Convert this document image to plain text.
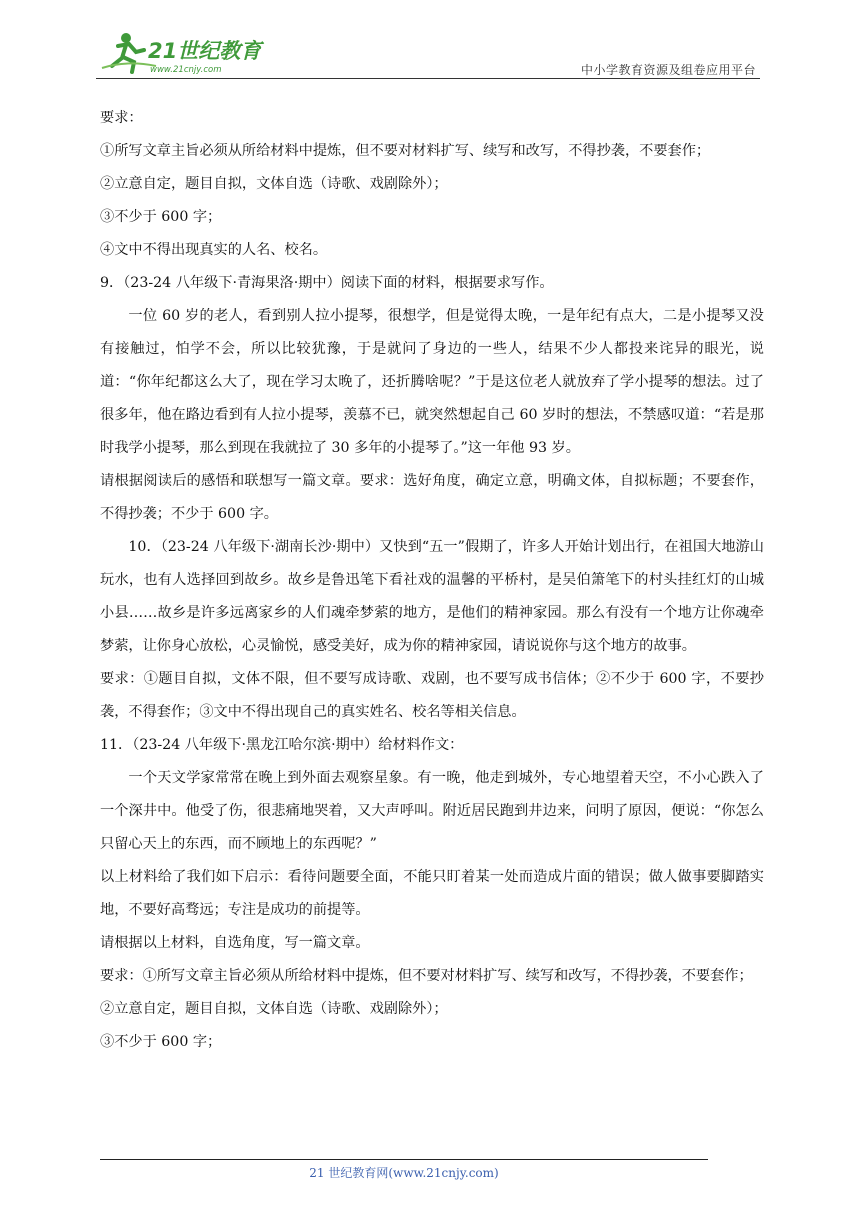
21世纪教育
www.21cnjy.com	中小学教育资源及组卷应用平台

要求：

①所写文章主旨必须从所给材料中提炼，但不要对材料扩写、续写和改写，不得抄袭，不要套作；

②立意自定，题目自拟，文体自选（诗歌、戏剧除外）；

③不少于 600 字；

④文中不得出现真实的人名、校名。

9．（23-24 八年级下·青海果洛·期中）阅读下面的材料，根据要求写作。

一位 60 岁的老人，看到别人拉小提琴，很想学，但是觉得太晚，一是年纪有点大，二是小提琴又没有接触过，怕学不会，所以比较犹豫，于是就问了身边的一些人，结果不少人都投来诧异的眼光，说道：“你年纪都这么大了，现在学习太晚了，还折腾啥呢？”于是这位老人就放弃了学小提琴的想法。过了很多年，他在路边看到有人拉小提琴，羡慕不已，就突然想起自己 60 岁时的想法，不禁感叹道：“若是那时我学小提琴，那么到现在我就拉了 30 多年的小提琴了。”这一年他 93 岁。

请根据阅读后的感悟和联想写一篇文章。要求：选好角度，确定立意，明确文体，自拟标题；不要套作，不得抄袭；不少于 600 字。

10．（23-24 八年级下·湖南长沙·期中）又快到“五一”假期了，许多人开始计划出行，在祖国大地游山玩水，也有人选择回到故乡。故乡是鲁迅笔下看社戏的温馨的平桥村，是吴伯箫笔下的村头挂红灯的山城小县……故乡是许多远离家乡的人们魂牵梦萦的地方，是他们的精神家园。那么有没有一个地方让你魂牵梦萦，让你身心放松，心灵愉悦，感受美好，成为你的精神家园，请说说你与这个地方的故事。

要求：①题目自拟，文体不限，但不要写成诗歌、戏剧，也不要写成书信体；②不少于 600 字，不要抄袭，不得套作；③文中不得出现自己的真实姓名、校名等相关信息。

11．（23-24 八年级下·黑龙江哈尔滨·期中）给材料作文：

一个天文学家常常在晚上到外面去观察星象。有一晚，他走到城外，专心地望着天空，不小心跌入了一个深井中。他受了伤，很悲痛地哭着，又大声呼叫。附近居民跑到井边来，问明了原因，便说：“你怎么只留心天上的东西，而不顾地上的东西呢？”

以上材料给了我们如下启示：看待问题要全面，不能只盯着某一处而造成片面的错误；做人做事要脚踏实地，不要好高骛远；专注是成功的前提等。

请根据以上材料，自选角度，写一篇文章。

要求：①所写文章主旨必须从所给材料中提炼，但不要对材料扩写、续写和改写，不得抄袭，不要套作；

②立意自定，题目自拟，文体自选（诗歌、戏剧除外）；

③不少于 600 字；

21 世纪教育网(www.21cnjy.com)
